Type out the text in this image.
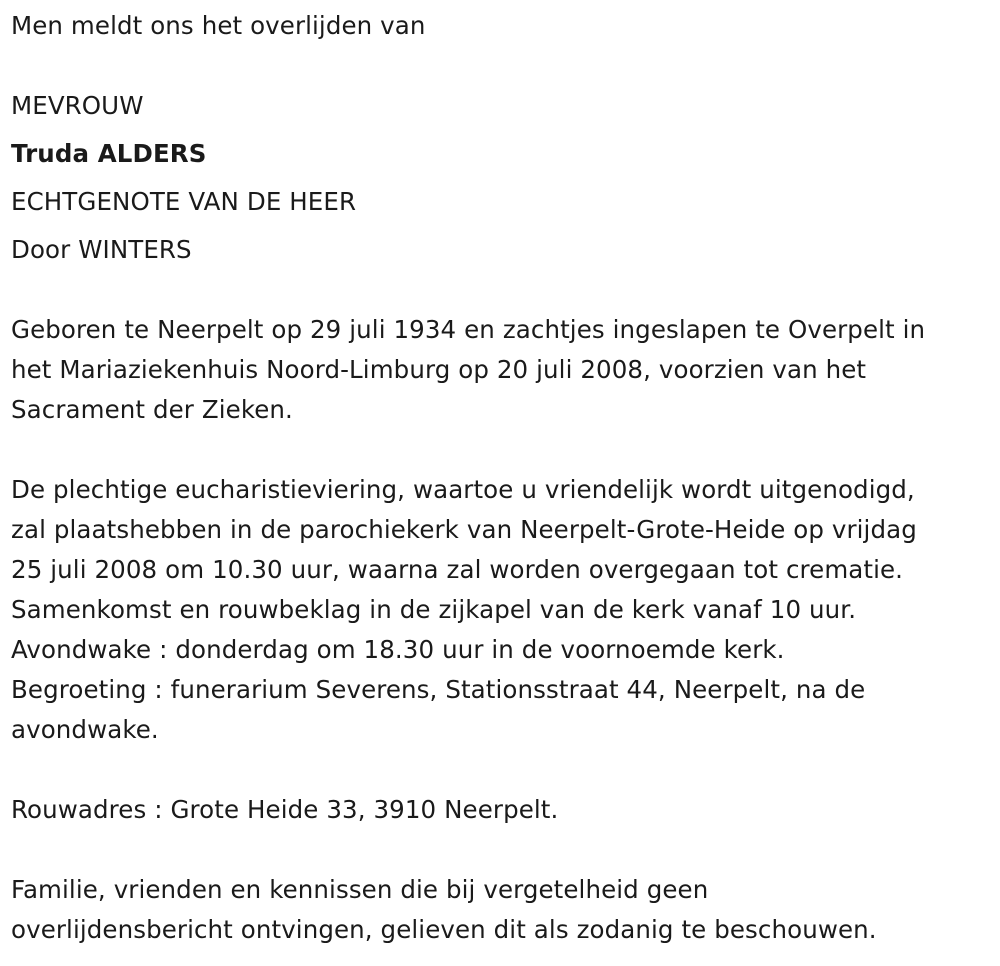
Men meldt ons het overlijden van

MEVROUW

Truda ALDERS

ECHTGENOTE VAN DE HEER

Door WINTERS

Geboren te Neerpelt op 29 juli 1934 en zachtjes ingeslapen te Overpelt in

het Mariaziekenhuis Noord-Limburg op 20 juli 2008, voorzien van het

Sacrament der Zieken.

De plechtige eucharistieviering, waartoe u vriendelijk wordt uitgenodigd,

zal plaatshebben in de parochiekerk van Neerpelt-Grote-Heide op vrijdag

25 juli 2008 om 10.30 uur, waarna zal worden overgegaan tot crematie.

Samenkomst en rouwbeklag in de zijkapel van de kerk vanaf 10 uur.

Avondwake : donderdag om 18.30 uur in de voornoemde kerk.

Begroeting : funerarium Severens, Stationsstraat 44, Neerpelt, na de

avondwake.

Rouwadres : Grote Heide 33, 3910 Neerpelt.

Familie, vrienden en kennissen die bij vergetelheid geen

overlijdensbericht ontvingen, gelieven dit als zodanig te beschouwen.
